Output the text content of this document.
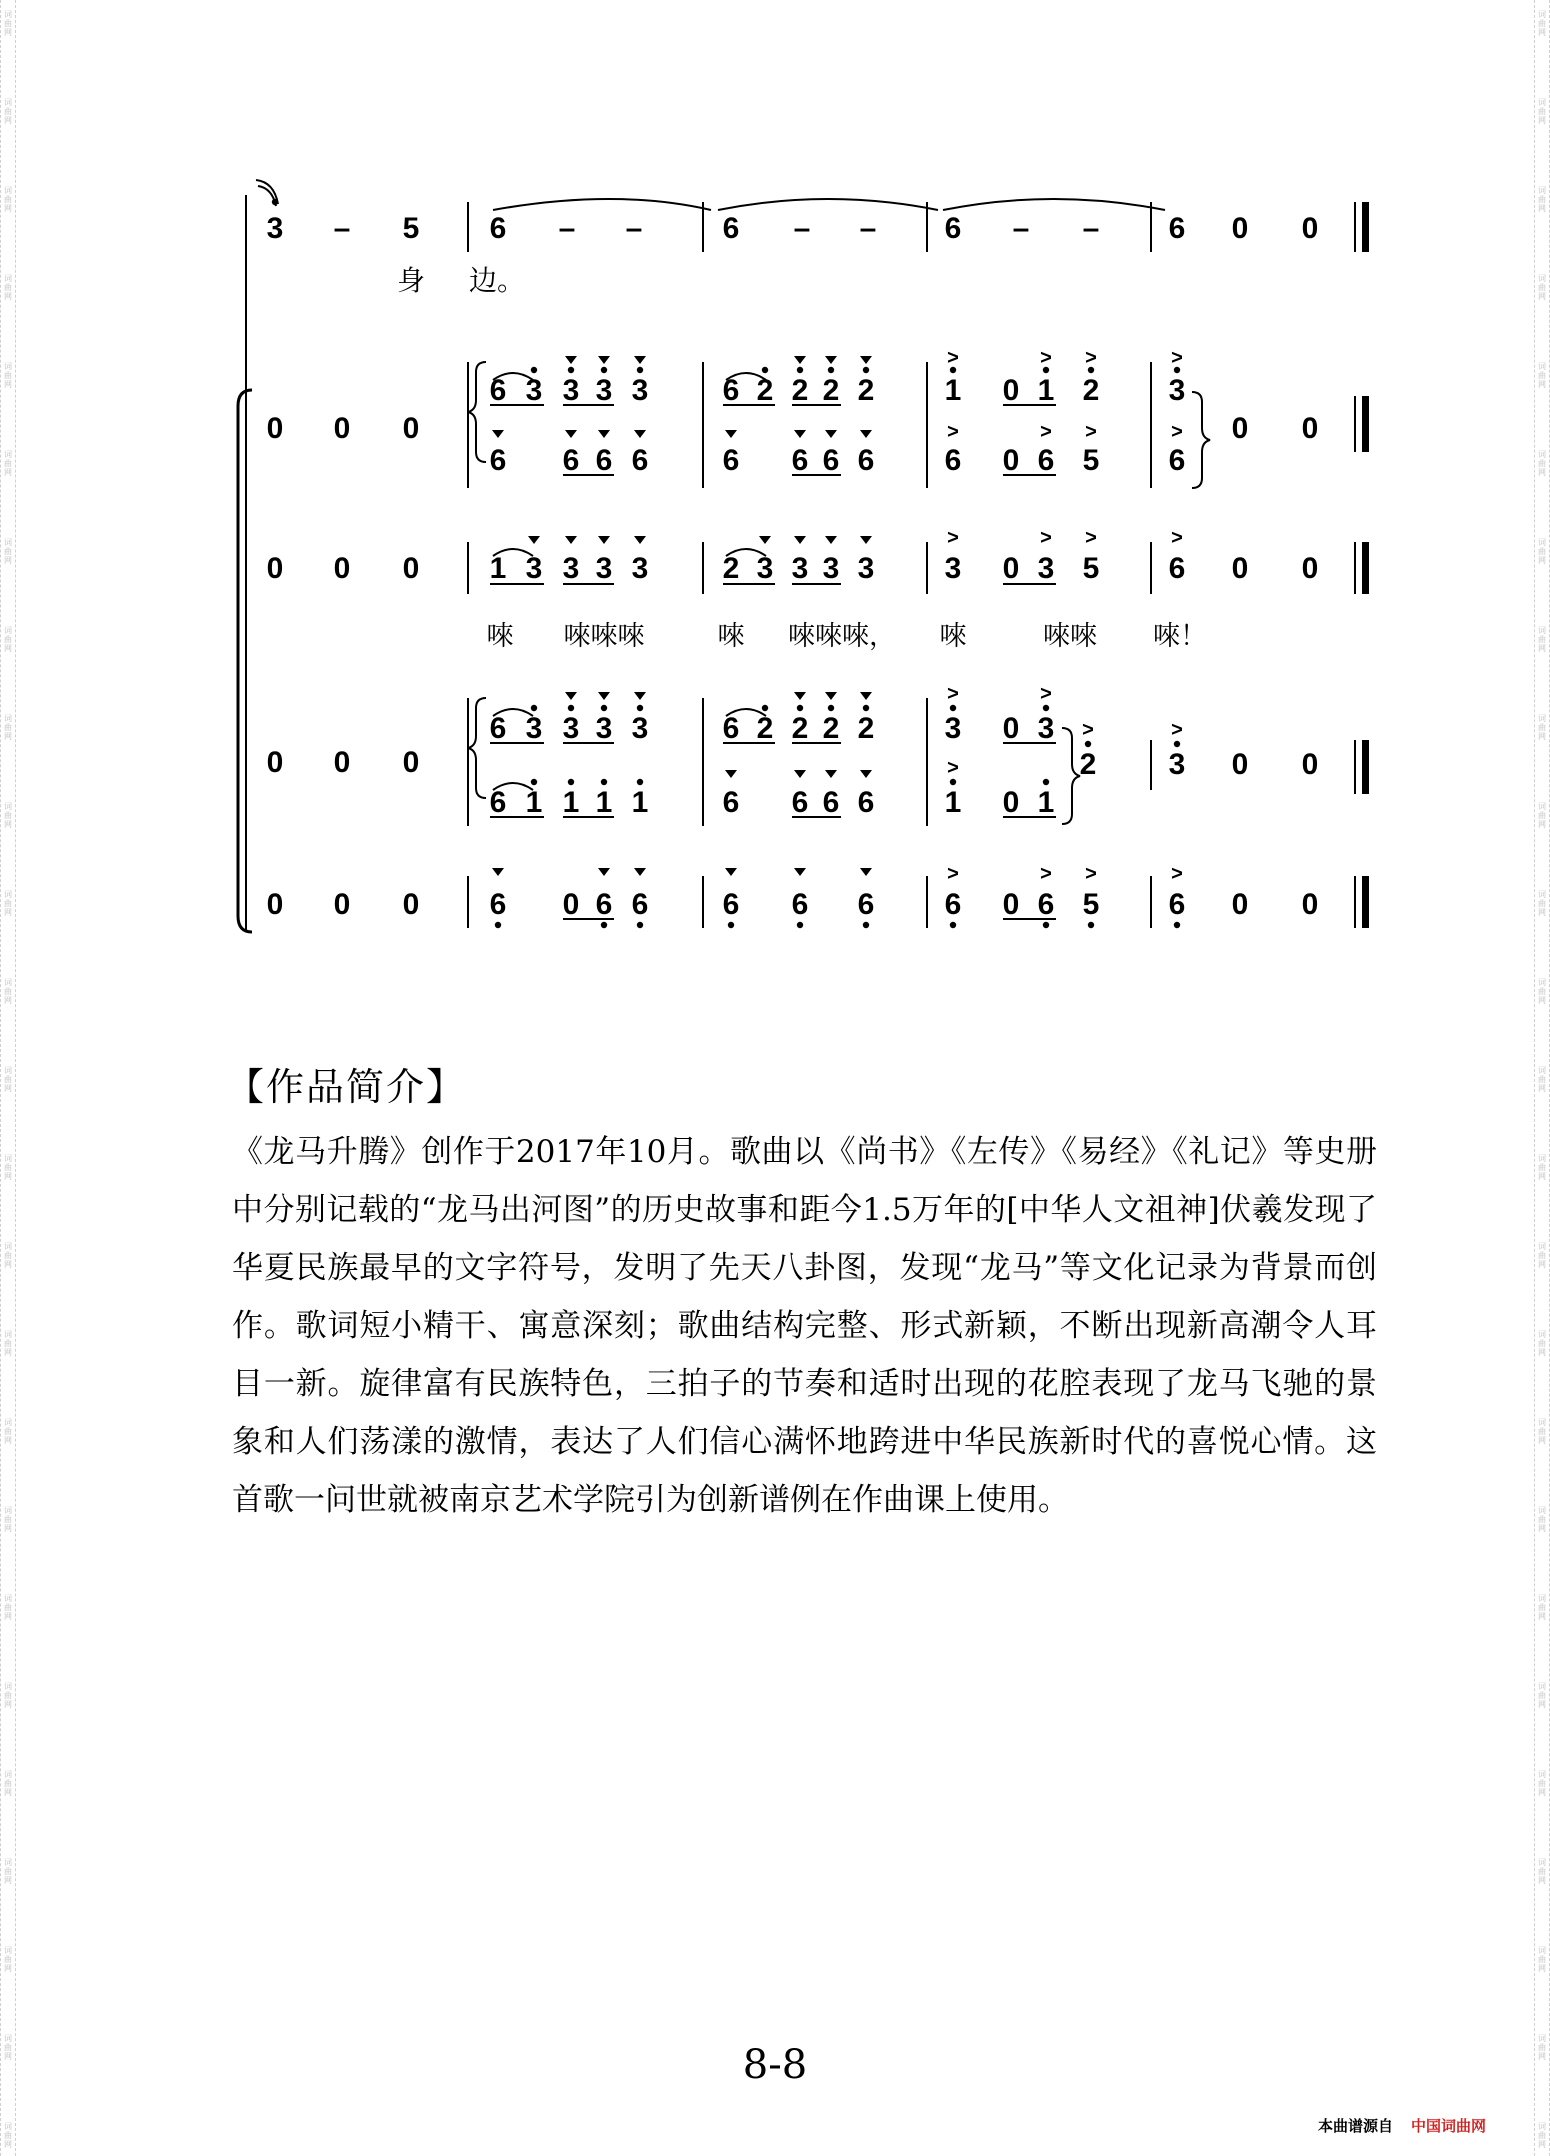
词曲网
词曲网
词曲网
词曲网
词曲网
词曲网
词曲网
词曲网
词曲网
词曲网
词曲网
词曲网
词曲网
词曲网
词曲网
词曲网
词曲网
词曲网
词曲网
词曲网
词曲网
词曲网
词曲网
词曲网
词曲网
词曲网
词曲网
词曲网
词曲网
词曲网
词曲网
词曲网
词曲网
词曲网
词曲网
词曲网
词曲网
词曲网
词曲网
词曲网
词曲网
词曲网
词曲网
词曲网
词曲网
词曲网
词曲网
词曲网
词曲网
词曲网
3 – 5 6 – –	6 – – 6 – – 6 0 0
身 边。
0 0 0
6 3 3 3 3 6 2 2 2 2 1
>
0 1
>
2
>
3
>
6 6 6 6 6 6 6 6 6
>
0 6
>
5
>
6
> 0 0
0 0 0 1 3 3 3 3 2 3 3 3 3 3
>
0 3
>
5
>
6
>
0 0
唻 唻唻唻	唻 唻唻唻， 唻	唻唻 唻！
0 0 0
6 3 3 3 3 6 2 2 2 2 3
>
0 3
>
6 1 1 1 1 6 6 6 6 1
>
0 1
2
>
3
>
0 0
0 0 0 6 0 6 6 6 6 6 6
>
0 6
>
5
>
6
>
0 0
【作品简介】

《龙马升腾》创作于2017年10月。歌曲以《尚书》《左传》《易经》《礼记》等史册中分别记载的“龙马出河图”的历史故事和距今1.5万年的[中华人文祖神]伏羲发现了华夏民族最早的文字符号，发明了先天八卦图，发现“龙马”等文化记录为背景而创作。歌词短小精干、寓意深刻；歌曲结构完整、形式新颖，不断出现新高潮令人耳目一新。旋律富有民族特色，三拍子的节奏和适时出现的花腔表现了龙马飞驰的景象和人们荡漾的激情，表达了人们信心满怀地跨进中华民族新时代的喜悦心情。这首歌一问世就被南京艺术学院引为创新谱例在作曲课上使用。

8-8
本曲谱源自 中国词曲网
